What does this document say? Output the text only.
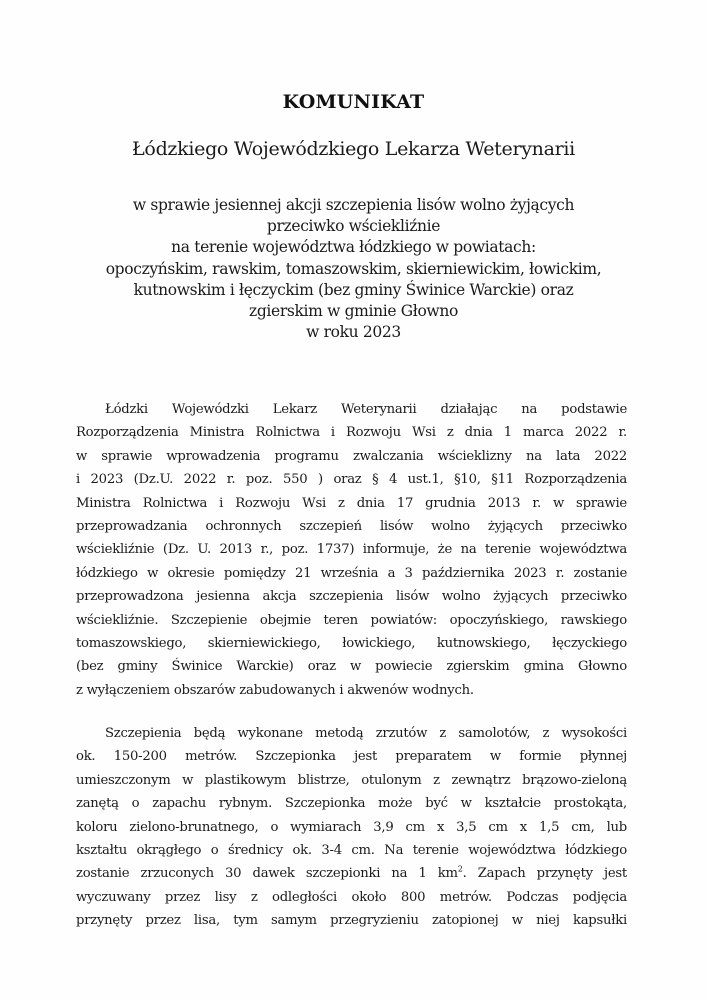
KOMUNIKAT
Łódzkiego Wojewódzkiego Lekarza Weterynarii
w sprawie jesiennej akcji szczepienia lisów wolno żyjących
przeciwko wściekliźnie
na terenie województwa łódzkiego w powiatach:
opoczyńskim, rawskim, tomaszowskim, skierniewickim, łowickim,
kutnowskim i łęczyckim (bez gminy Świnice Warckie) oraz
zgierskim w gminie Głowno
w roku 2023
Łódzki Wojewódzki Lekarz Weterynarii działając na podstawie
Rozporządzenia Ministra Rolnictwa i Rozwoju Wsi z dnia 1 marca 2022 r.
w sprawie wprowadzenia programu zwalczania wścieklizny na lata 2022
i 2023 (Dz.U. 2022 r. poz. 550 ) oraz § 4 ust.1, §10, §11 Rozporządzenia
Ministra Rolnictwa i Rozwoju Wsi z dnia 17 grudnia 2013 r. w sprawie
przeprowadzania ochronnych szczepień lisów wolno żyjących przeciwko
wściekliźnie (Dz. U. 2013 r., poz. 1737) informuje, że na terenie województwa
łódzkiego w okresie pomiędzy 21 września a 3 października 2023 r. zostanie
przeprowadzona jesienna akcja szczepienia lisów wolno żyjących przeciwko
wściekliźnie. Szczepienie obejmie teren powiatów: opoczyńskiego, rawskiego
tomaszowskiego, skierniewickiego, łowickiego, kutnowskiego, łęczyckiego
(bez gminy Świnice Warckie) oraz w powiecie zgierskim gmina Głowno
z wyłączeniem obszarów zabudowanych i akwenów wodnych.
Szczepienia będą wykonane metodą zrzutów z samolotów, z wysokości
ok. 150-200 metrów. Szczepionka jest preparatem w formie płynnej
umieszczonym w plastikowym blistrze, otulonym z zewnątrz brązowo-zieloną
zanętą o zapachu rybnym. Szczepionka może być w kształcie prostokąta,
koloru zielono-brunatnego, o wymiarach 3,9 cm x 3,5 cm x 1,5 cm, lub
kształtu okrągłego o średnicy ok. 3-4 cm. Na terenie województwa łódzkiego
zostanie zrzuconych 30 dawek szczepionki na 1 $km^2$. Zapach przynęty jest
wyczuwany przez lisy z odległości około 800 metrów. Podczas podjęcia
przynęty przez lisa, tym samym przegryzieniu zatopionej w niej kapsułki
